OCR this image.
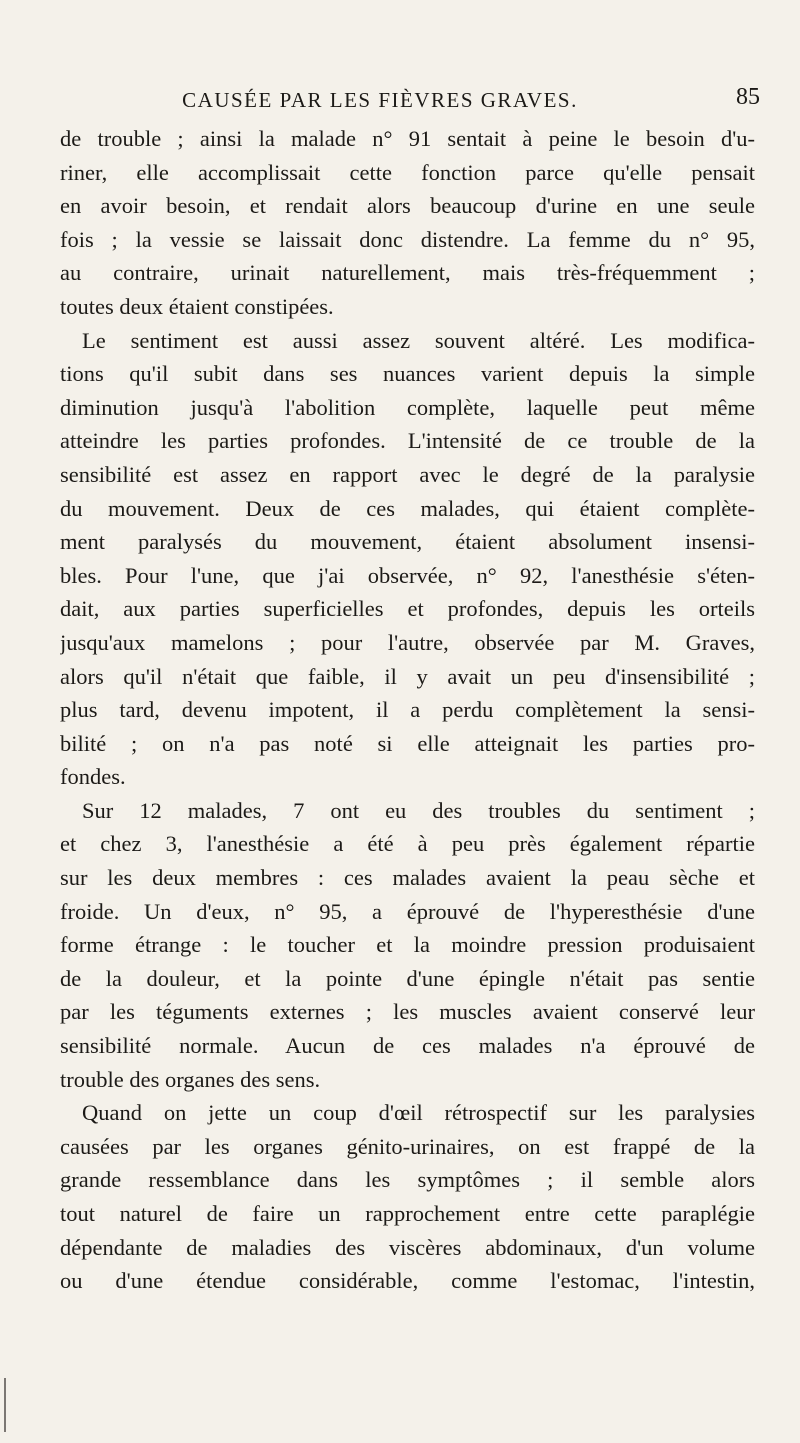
CAUSÉE PAR LES FIÈVRES GRAVES.	85
de trouble ; ainsi la malade n° 91 sentait à peine le besoin d'u-
riner, elle accomplissait cette fonction parce qu'elle pensait
en avoir besoin, et rendait alors beaucoup d'urine en une seule
fois ; la vessie se laissait donc distendre. La femme du n° 95,
au contraire, urinait naturellement, mais très-fréquemment ;
toutes deux étaient constipées.
Le sentiment est aussi assez souvent altéré. Les modifica-
tions qu'il subit dans ses nuances varient depuis la simple
diminution jusqu'à l'abolition complète, laquelle peut même
atteindre les parties profondes. L'intensité de ce trouble de la
sensibilité est assez en rapport avec le degré de la paralysie
du mouvement. Deux de ces malades, qui étaient complète-
ment paralysés du mouvement, étaient absolument insensi-
bles. Pour l'une, que j'ai observée, n° 92, l'anesthésie s'éten-
dait, aux parties superficielles et profondes, depuis les orteils
jusqu'aux mamelons ; pour l'autre, observée par M. Graves,
alors qu'il n'était que faible, il y avait un peu d'insensibilité ;
plus tard, devenu impotent, il a perdu complètement la sensi-
bilité ; on n'a pas noté si elle atteignait les parties pro-
fondes.
Sur 12 malades, 7 ont eu des troubles du sentiment ;
et chez 3, l'anesthésie a été à peu près également répartie
sur les deux membres : ces malades avaient la peau sèche et
froide. Un d'eux, n° 95, a éprouvé de l'hyperesthésie d'une
forme étrange : le toucher et la moindre pression produisaient
de la douleur, et la pointe d'une épingle n'était pas sentie
par les téguments externes ; les muscles avaient conservé leur
sensibilité normale. Aucun de ces malades n'a éprouvé de
trouble des organes des sens.
Quand on jette un coup d'œil rétrospectif sur les paralysies
causées par les organes génito-urinaires, on est frappé de la
grande ressemblance dans les symptômes ; il semble alors
tout naturel de faire un rapprochement entre cette paraplégie
dépendante de maladies des viscères abdominaux, d'un volume
ou d'une étendue considérable, comme l'estomac, l'intestin,
